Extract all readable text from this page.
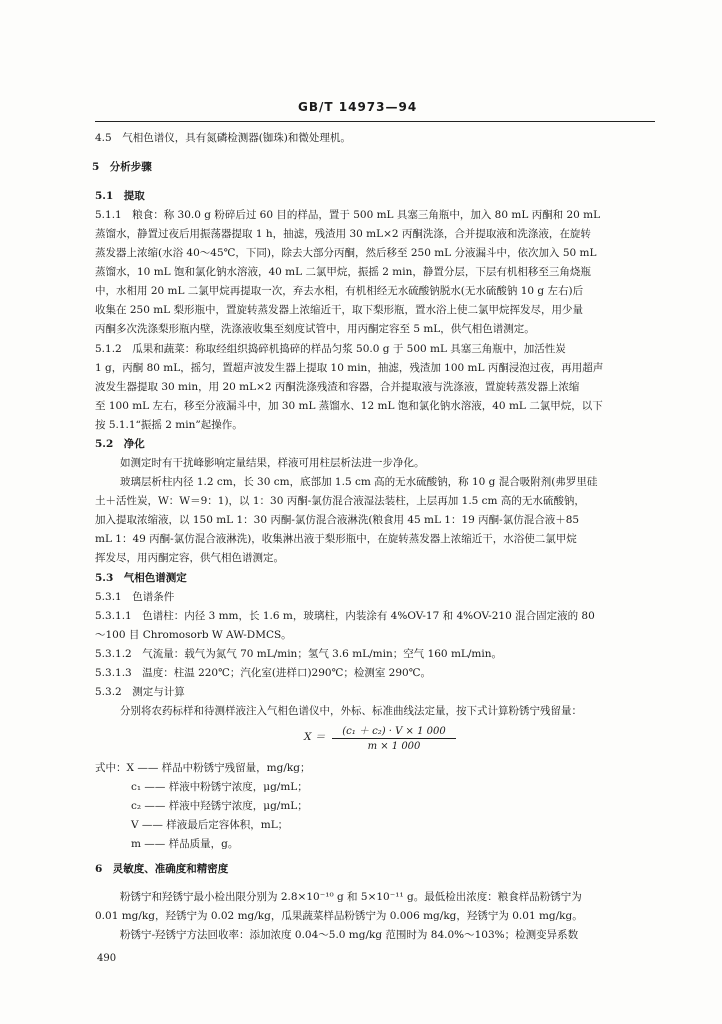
GB/T 14973—94
4.5　气相色谱仪，具有氮磷检测器(铷珠)和微处理机。
5　分析步骤
5.1　提取
5.1.1　粮食：称 30.0 g 粉碎后过 60 目的样品，置于 500 mL 具塞三角瓶中，加入 80 mL 丙酮和 20 mL
蒸馏水，静置过夜后用振荡器提取 1 h，抽滤，残渣用 30 mL×2 丙酮洗涤，合并提取液和洗涤液，在旋转
蒸发器上浓缩(水浴 40～45℃，下同)，除去大部分丙酮，然后移至 250 mL 分液漏斗中，依次加入 50 mL
蒸馏水，10 mL 饱和氯化钠水溶液，40 mL 二氯甲烷，振摇 2 min，静置分层，下层有机相移至三角烧瓶
中，水相用 20 mL 二氯甲烷再提取一次，弃去水相，有机相经无水硫酸钠脱水(无水硫酸钠 10 g 左右)后
收集在 250 mL 梨形瓶中，置旋转蒸发器上浓缩近干，取下梨形瓶，置水浴上使二氯甲烷挥发尽，用少量
丙酮多次洗涤梨形瓶内壁，洗涤液收集至刻度试管中，用丙酮定容至 5 mL，供气相色谱测定。
5.1.2　瓜果和蔬菜：称取经组织捣碎机捣碎的样品匀浆 50.0 g 于 500 mL 具塞三角瓶中，加活性炭
1 g，丙酮 80 mL，摇匀，置超声波发生器上提取 10 min，抽滤，残渣加 100 mL 丙酮浸泡过夜，再用超声
波发生器提取 30 min，用 20 mL×2 丙酮洗涤残渣和容器，合并提取液与洗涤液，置旋转蒸发器上浓缩
至 100 mL 左右，移至分液漏斗中，加 30 mL 蒸馏水、12 mL 饱和氯化钠水溶液，40 mL 二氯甲烷，以下
按 5.1.1“振摇 2 min”起操作。
5.2　净化
如测定时有干扰峰影响定量结果，样液可用柱层析法进一步净化。
玻璃层析柱内径 1.2 cm，长 30 cm，底部加 1.5 cm 高的无水硫酸钠，称 10 g 混合吸附剂(弗罗里硅
土＋活性炭，W：W＝9：1)，以 1：30 丙酮-氯仿混合液湿法装柱，上层再加 1.5 cm 高的无水硫酸钠，
加入提取浓缩液，以 150 mL 1：30 丙酮-氯仿混合液淋洗(粮食用 45 mL 1：19 丙酮-氯仿混合液＋85
mL 1：49 丙酮-氯仿混合液淋洗)，收集淋出液于梨形瓶中，在旋转蒸发器上浓缩近干，水浴使二氯甲烷
挥发尽，用丙酮定容，供气相色谱测定。
5.3　气相色谱测定
5.3.1　色谱条件
5.3.1.1　色谱柱：内径 3 mm，长 1.6 m，玻璃柱，内装涂有 4%OV-17 和 4%OV-210 混合固定液的 80
～100 目 Chromosorb W AW-DMCS。
5.3.1.2　气流量：载气为氮气 70 mL/min；氢气 3.6 mL/min；空气 160 mL/min。
5.3.1.3　温度：柱温 220℃；汽化室(进样口)290℃；检测室 290℃。
5.3.2　测定与计算
分别将农药标样和待测样液注入气相色谱仪中，外标、标准曲线法定量，按下式计算粉锈宁残留量：
X ＝	(c₁ ＋ c₂) · V × 1 000
m × 1 000
式中：X —— 样品中粉锈宁残留量，mg/kg；
c₁ —— 样液中粉锈宁浓度，μg/mL；
c₂ —— 样液中羟锈宁浓度，μg/mL；
V —— 样液最后定容体积，mL；
m —— 样品质量，g。
6　灵敏度、准确度和精密度
粉锈宁和羟锈宁最小检出限分别为 2.8×10⁻¹⁰ g 和 5×10⁻¹¹ g。最低检出浓度：粮食样品粉锈宁为
0.01 mg/kg，羟锈宁为 0.02 mg/kg，瓜果蔬菜样品粉锈宁为 0.006 mg/kg，羟锈宁为 0.01 mg/kg。
粉锈宁-羟锈宁方法回收率：添加浓度 0.04～5.0 mg/kg 范围时为 84.0%～103%；检测变异系数
490
